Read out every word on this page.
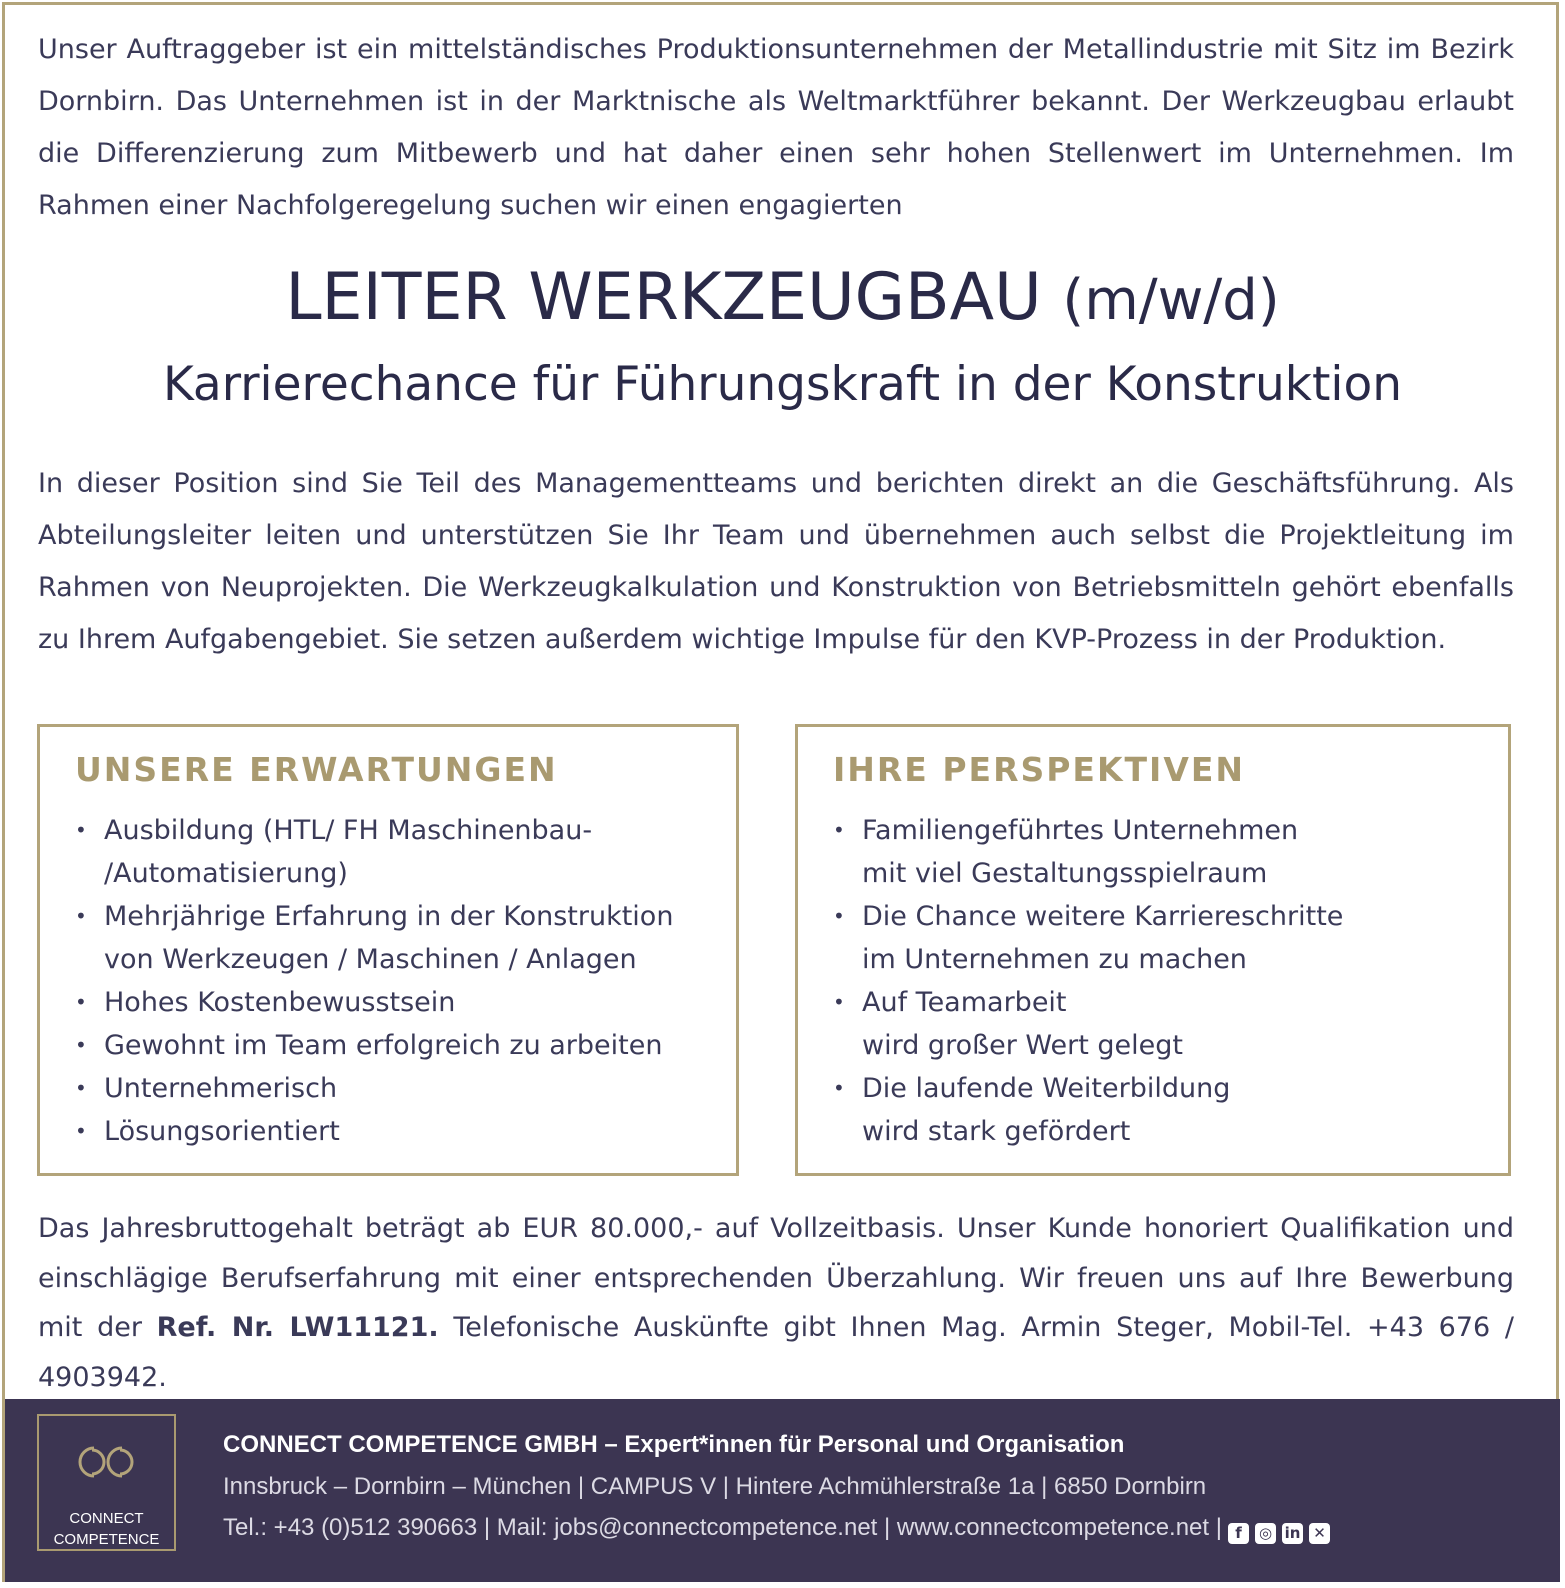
Unser Auftraggeber ist ein mittelständisches Produktionsunternehmen der Metallindustrie mit Sitz im Bezirk Dornbirn. Das Unternehmen ist in der Marktnische als Weltmarktführer bekannt. Der Werkzeugbau erlaubt die Differenzierung zum Mitbewerb und hat daher einen sehr hohen Stellenwert im Unternehmen. Im Rahmen einer Nachfolgeregelung suchen wir einen engagierten

LEITER WERKZEUGBAU (m/w/d)
Karrierechance für Führungskraft in der Konstruktion

In dieser Position sind Sie Teil des Managementteams und berichten direkt an die Geschäftsführung. Als Abteilungsleiter leiten und unterstützen Sie Ihr Team und übernehmen auch selbst die Projektleitung im Rahmen von Neuprojekten. Die Werkzeugkalkulation und Konstruktion von Betriebsmitteln gehört ebenfalls zu Ihrem Aufgabengebiet. Sie setzen außerdem wichtige Impulse für den KVP-Prozess in der Produktion.

UNSERE ERWARTUNGEN
• Ausbildung (HTL/ FH Maschinenbau-
/Automatisierung)
• Mehrjährige Erfahrung in der Konstruktion
von Werkzeugen / Maschinen / Anlagen
• Hohes Kostenbewusstsein
• Gewohnt im Team erfolgreich zu arbeiten
• Unternehmerisch
• Lösungsorientiert
IHRE PERSPEKTIVEN
• Familiengeführtes Unternehmen
mit viel Gestaltungsspielraum
• Die Chance weitere Karriereschritte
im Unternehmen zu machen
• Auf Teamarbeit
wird großer Wert gelegt
• Die laufende Weiterbildung
wird stark gefördert

Das Jahresbruttogehalt beträgt ab EUR 80.000,- auf Vollzeitbasis. Unser Kunde honoriert Qualifikation und einschlägige Berufserfahrung mit einer entsprechenden Überzahlung. Wir freuen uns auf Ihre Bewerbung mit der Ref. Nr. LW11121. Telefonische Auskünfte gibt Ihnen Mag. Armin Steger, Mobil-Tel. +43 676 / 4903942.

CONNECT
COMPETENCE
CONNECT COMPETENCE GMBH – Expert*innen für Personal und Organisation
Innsbruck – Dornbirn – München | CAMPUS V | Hintere Achmühlerstraße 1a | 6850 Dornbirn
Tel.: +43 (0)512 390663 | Mail: jobs@connectcompetence.net | www.connectcompetence.net | f ◎ in ✕
